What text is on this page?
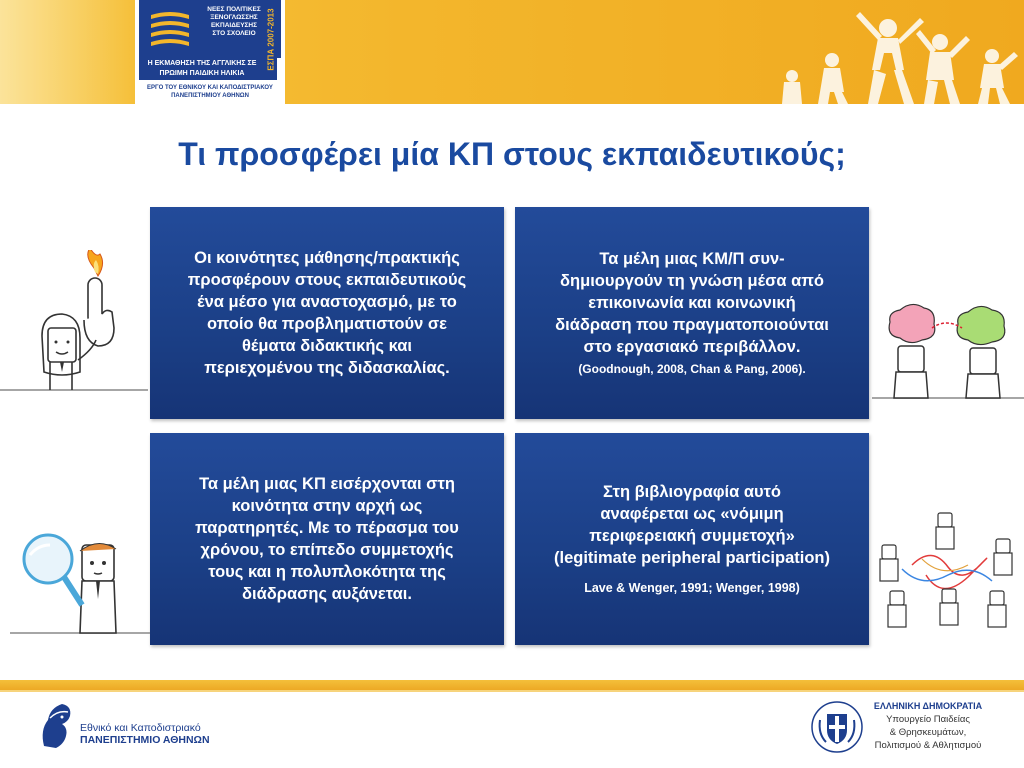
ΝΕΕΣ ΠΟΛΙΤΙΚΕΣ
ΞΕΝΟΓΛΩΣΣΗΣ
ΕΚΠΑΙΔΕΥΣΗΣ
ΣΤΟ ΣΧΟΛΕΙΟ	ΕΣΠΑ 2007-2013
Η ΕΚΜΑΘΗΣΗ ΤΗΣ ΑΓΓΛΙΚΗΣ ΣΕ
ΠΡΩΙΜΗ ΠΑΙΔΙΚΗ ΗΛΙΚΙΑ
ΕΡΓΟ ΤΟΥ ΕΘΝΙΚΟΥ ΚΑΙ ΚΑΠΟΔΙΣΤΡΙΑΚΟΥ
ΠΑΝΕΠΙΣΤΗΜΙΟΥ ΑΘΗΝΩΝ
Τι προσφέρει μία ΚΠ στους εκπαιδευτικούς;
Οι κοινότητες μάθησης/πρακτικής
προσφέρουν στους εκπαιδευτικούς
ένα μέσο για αναστοχασμό, με το
οποίο θα προβληματιστούν σε
θέματα διδακτικής και
περιεχομένου της διδασκαλίας.
Τα μέλη μιας ΚΜ/Π συν-
δημιουργούν τη γνώση μέσα από
επικοινωνία και κοινωνική
διάδραση που πραγματοποιούνται
στο εργασιακό περιβάλλον.
(Goodnough, 2008, Chan & Pang, 2006).
Τα μέλη μιας ΚΠ εισέρχονται στη
κοινότητα στην αρχή ως
παρατηρητές. Με το πέρασμα του
χρόνου, το επίπεδο συμμετοχής
τους και η πολυπλοκότητα της
διάδρασης αυξάνεται.
Στη βιβλιογραφία αυτό
αναφέρεται ως «νόμιμη
περιφερειακή συμμετοχή»
(legitimate peripheral participation)
Lave & Wenger, 1991; Wenger, 1998)
Εθνικό και Καποδιστριακό
ΠΑΝΕΠΙΣΤΗΜΙΟ ΑΘΗΝΩΝ
ΕΛΛΗΝΙΚΗ ΔΗΜΟΚΡΑΤΙΑ
Υπουργείο Παιδείας
& Θρησκευμάτων,
Πολιτισμού & Αθλητισμού
